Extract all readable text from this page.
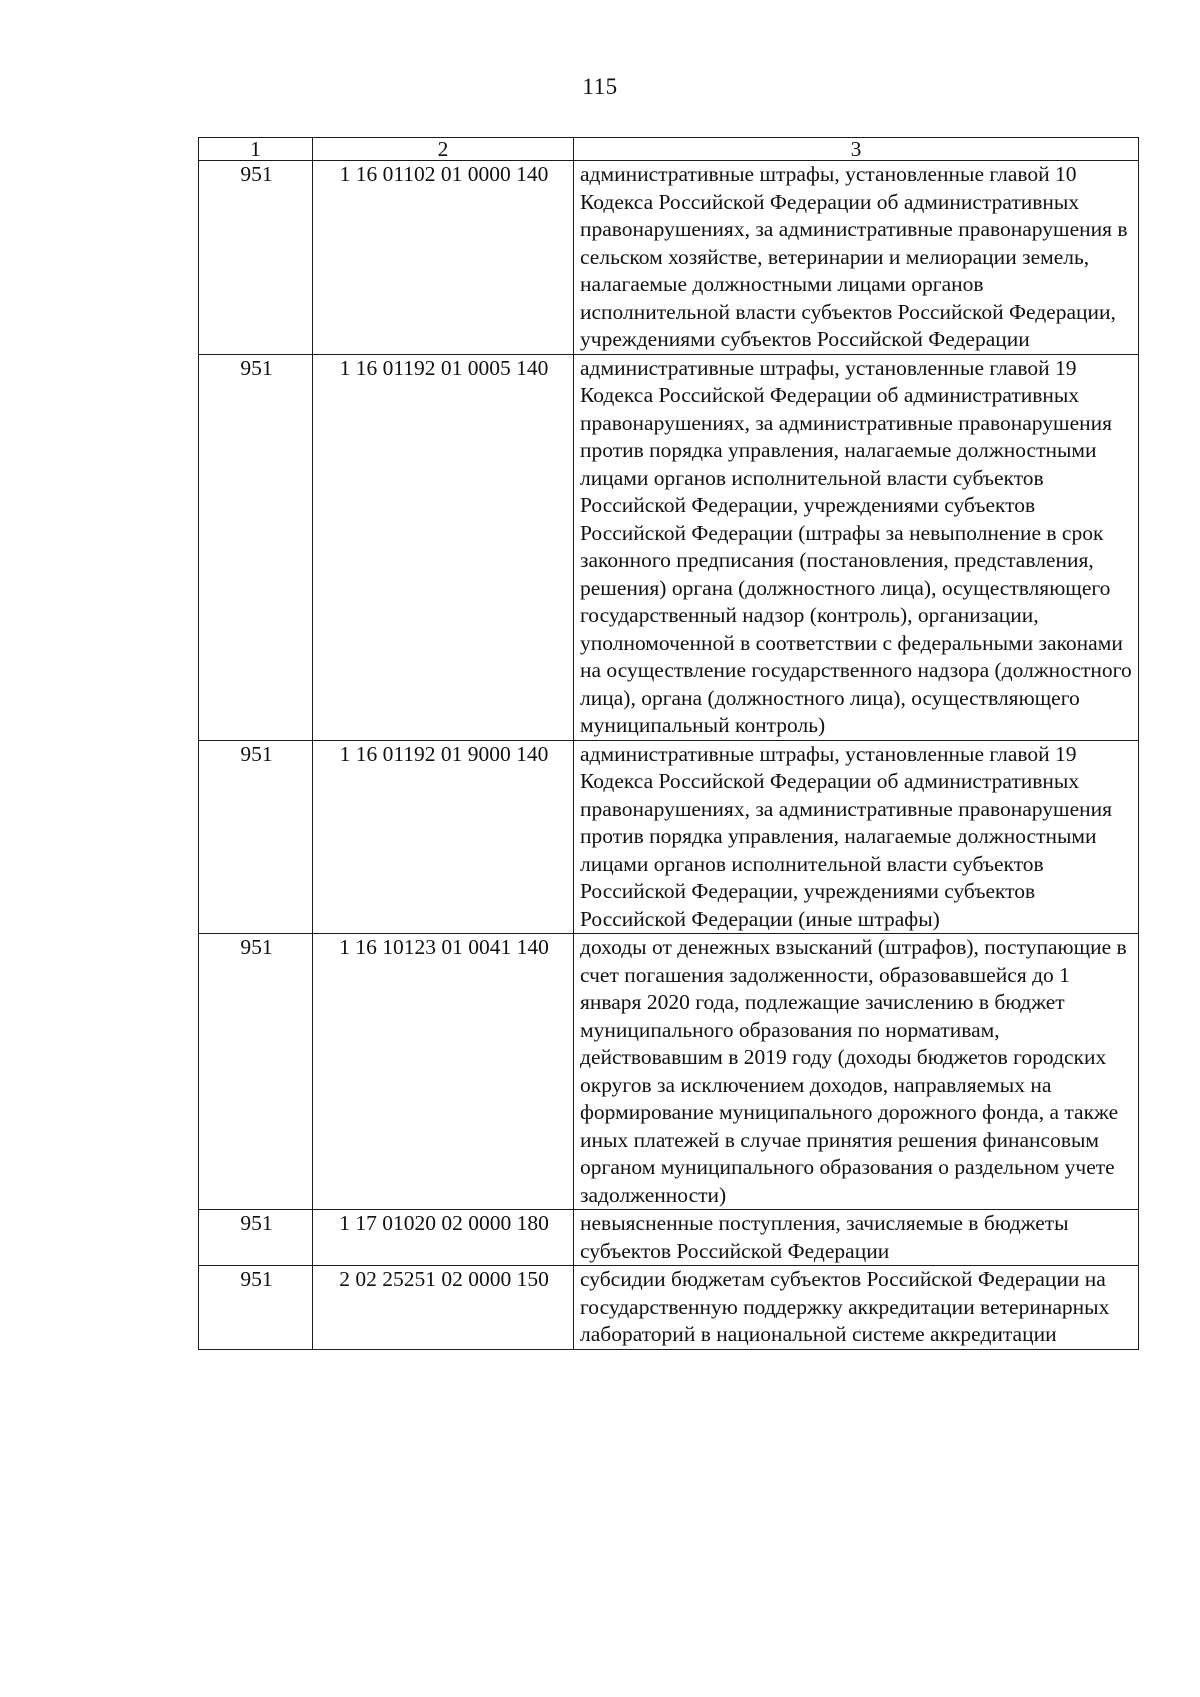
115
1	2	3
951	1 16 01102 01 0000 140	административные штрафы, установленные главой 10 Кодекса Российской Федерации об административных правонарушениях, за административные правонарушения в сельском хозяйстве, ветеринарии и мелиорации земель, налагаемые должностными лицами органов исполнительной власти субъектов Российской Федерации, учреждениями субъектов Российской Федерации
951	1 16 01192 01 0005 140	административные штрафы, установленные главой 19 Кодекса Российской Федерации об административных правонарушениях, за административные правонарушения против порядка управления, налагаемые должностными лицами органов исполнительной власти субъектов Российской Федерации, учреждениями субъектов Российской Федерации (штрафы за невыполнение в срок законного предписания (постановления, представления, решения) органа (должностного лица), осуществляющего государственный надзор (контроль), организации, уполномоченной в соответствии с федеральными законами на осуществление государственного надзора (должностного лица), органа (должностного лица), осуществляющего муниципальный контроль)
951	1 16 01192 01 9000 140	административные штрафы, установленные главой 19 Кодекса Российской Федерации об административных правонарушениях, за административные правонарушения против порядка управления, налагаемые должностными лицами органов исполнительной власти субъектов Российской Федерации, учреждениями субъектов Российской Федерации (иные штрафы)
951	1 16 10123 01 0041 140	доходы от денежных взысканий (штрафов), поступающие в счет погашения задолженности, образовавшейся до 1 января 2020 года, подлежащие зачислению в бюджет муниципального образования по нормативам, действовавшим в 2019 году (доходы бюджетов городских округов за исключением доходов, направляемых на формирование муниципального дорожного фонда, а также иных платежей в случае принятия решения финансовым органом муниципального образования о раздельном учете задолженности)
951	1 17 01020 02 0000 180	невыясненные поступления, зачисляемые в бюджеты субъектов Российской Федерации
951	2 02 25251 02 0000 150	субсидии бюджетам субъектов Российской Федерации на государственную поддержку аккредитации ветеринарных лабораторий в национальной системе аккредитации
